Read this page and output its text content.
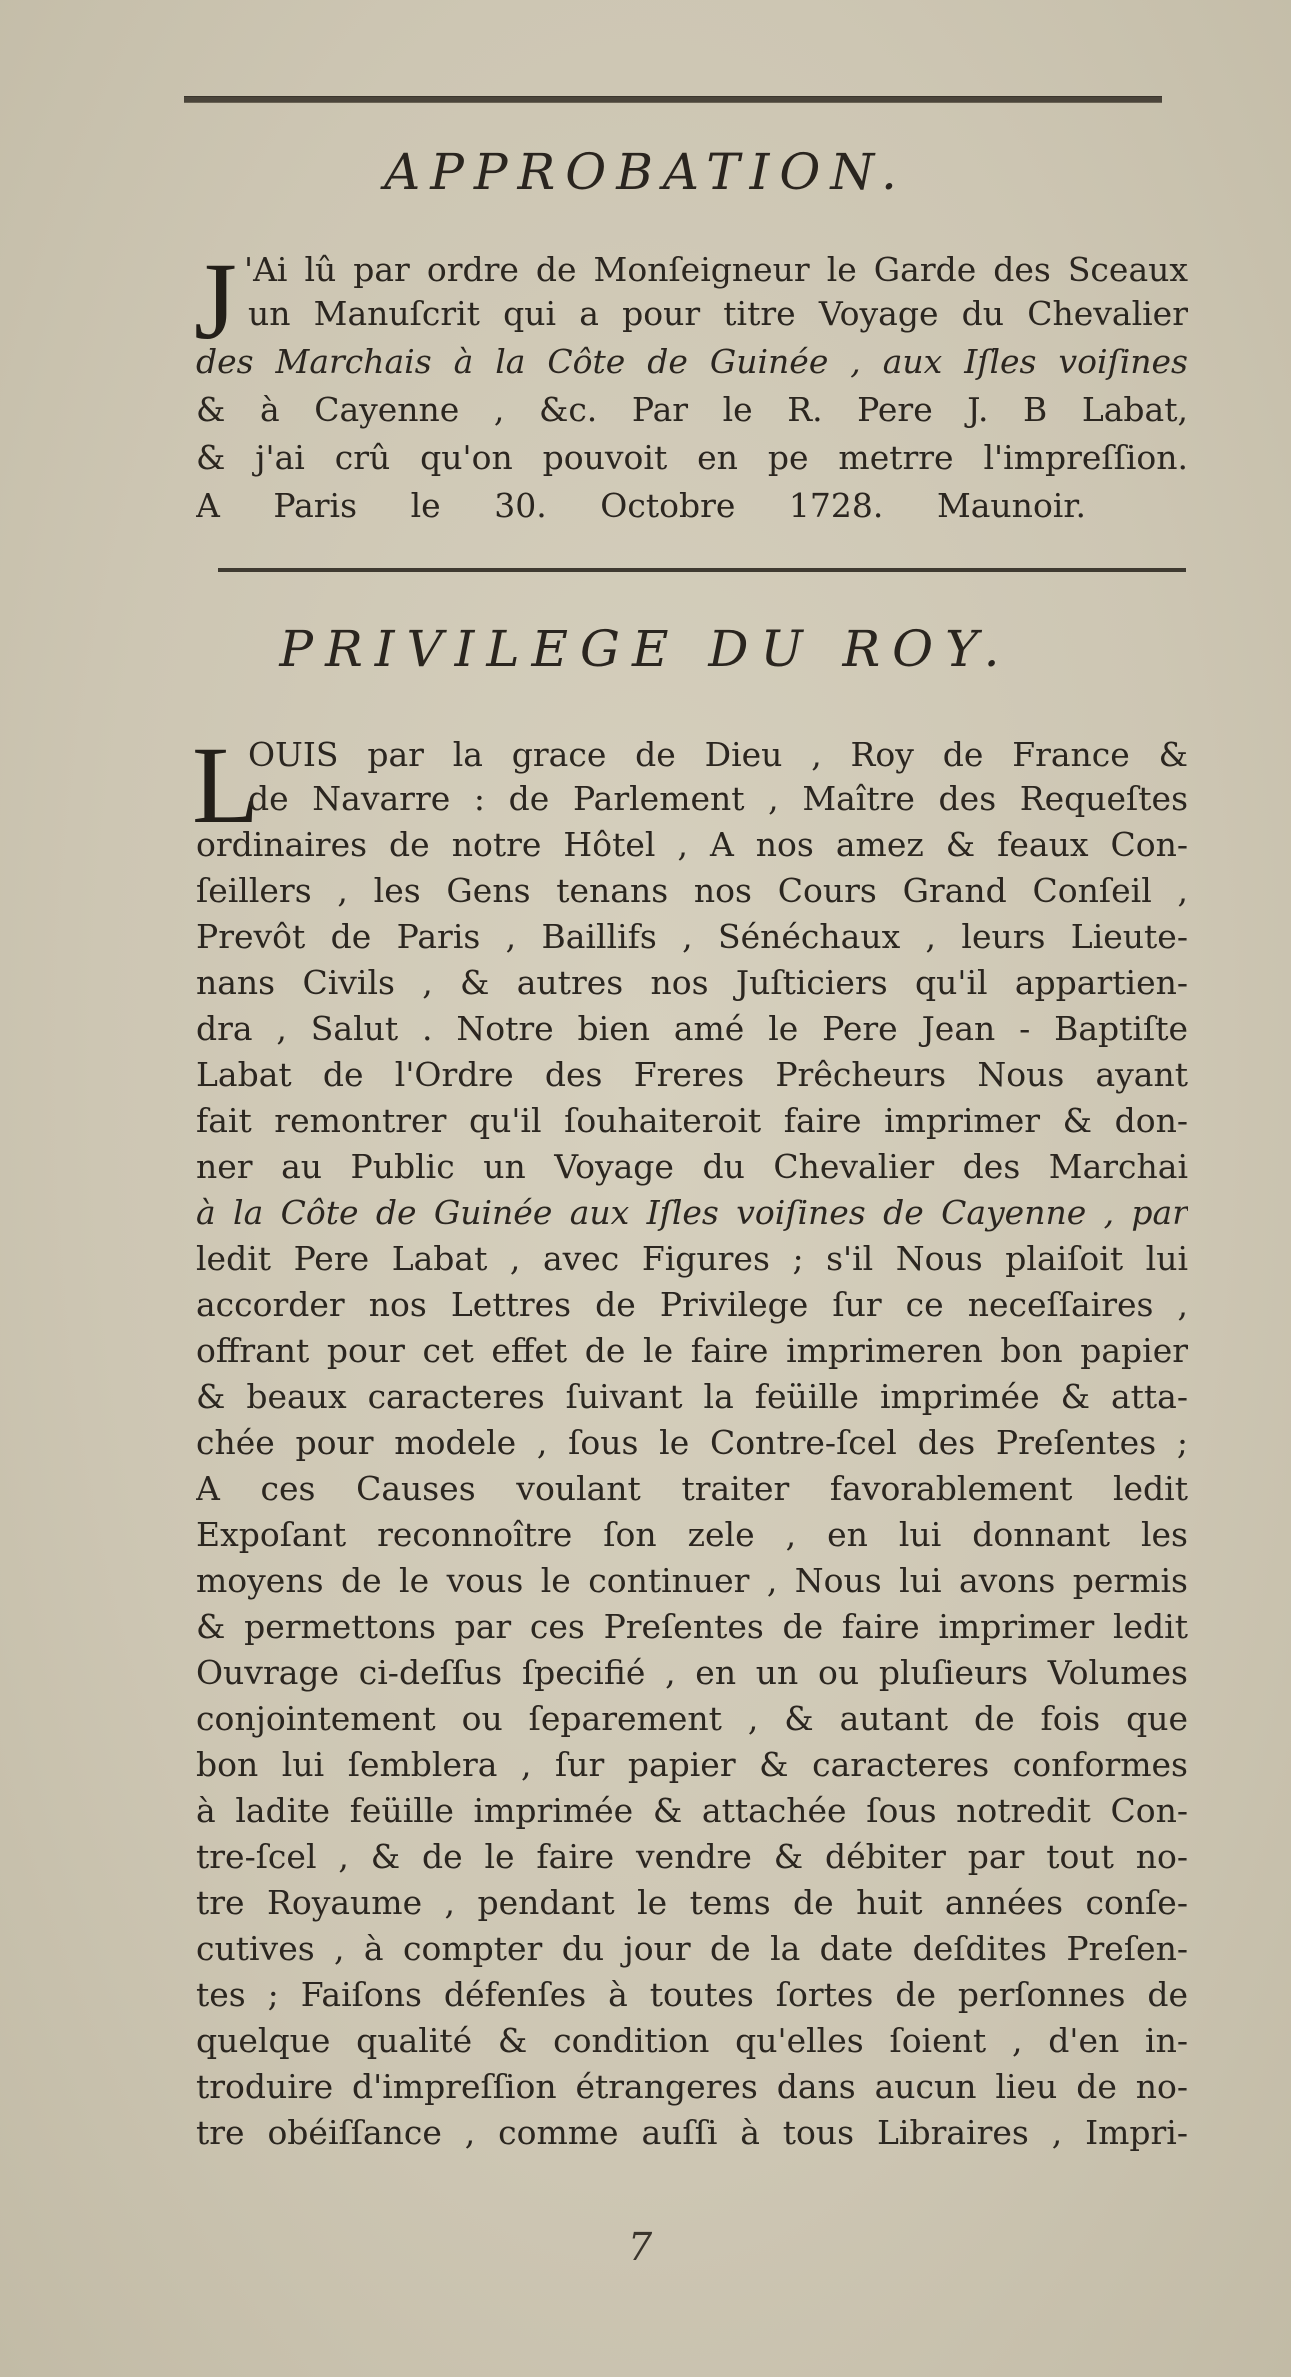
APPROBATION.
J 'Ai lû par ordre de Monſeigneur le Garde des Sceaux
un Manuſcrit qui a pour titre Voyage du Chevalier
des Marchais à la Côte de Guinée , aux Iſles voiſines
& à Cayenne , &c. Par le R. Pere J. B Labat,
& j'ai crû qu'on pouvoit en pe metrre l'impreſſion.
A Paris le 30. Octobre 1728. Maunoir.
PRIVILEGE DU ROY.
L
OUIS par la grace de Dieu , Roy de France &
de Navarre : de Parlement , Maître des Requeſtes
ordinaires de notre Hôtel , A nos amez & feaux Con-
ſeillers , les Gens tenans nos Cours Grand Conſeil ,
Prevôt de Paris , Baillifs , Sénéchaux , leurs Lieute-
nans Civils , & autres nos Juſticiers qu'il appartien-
dra , Salut . Notre bien amé le Pere Jean - Baptiſte
Labat de l'Ordre des Freres Prêcheurs Nous ayant
fait remontrer qu'il ſouhaiteroit faire imprimer & don-
ner au Public un Voyage du Chevalier des Marchai
à la Côte de Guinée aux Iſles voiſines de Cayenne , par
ledit Pere Labat , avec Figures ; s'il Nous plaiſoit lui
accorder nos Lettres de Privilege ſur ce neceſſaires ,
offrant pour cet effet de le faire imprimeren bon papier
& beaux caracteres ſuivant la feüille imprimée & atta-
chée pour modele , ſous le Contre-ſcel des Preſentes ;
A ces Causes voulant traiter favorablement ledit
Expoſant reconnoître ſon zele , en lui donnant les
moyens de le vous le continuer , Nous lui avons permis
& permettons par ces Preſentes de faire imprimer ledit
Ouvrage ci-deſſus ſpecifié , en un ou pluſieurs Volumes
conjointement ou ſeparement , & autant de fois que
bon lui ſemblera , ſur papier & caracteres conformes
à ladite feüille imprimée & attachée ſous notredit Con-
tre-ſcel , & de le faire vendre & débiter par tout no-
tre Royaume , pendant le tems de huit années conſe-
cutives , à compter du jour de la date deſdites Preſen-
tes ; Faiſons défenſes à toutes ſortes de perſonnes de
quelque qualité & condition qu'elles ſoient , d'en in-
troduire d'impreſſion étrangeres dans aucun lieu de no-
tre obéiſſance , comme auſſi à tous Libraires , Impri-
7
